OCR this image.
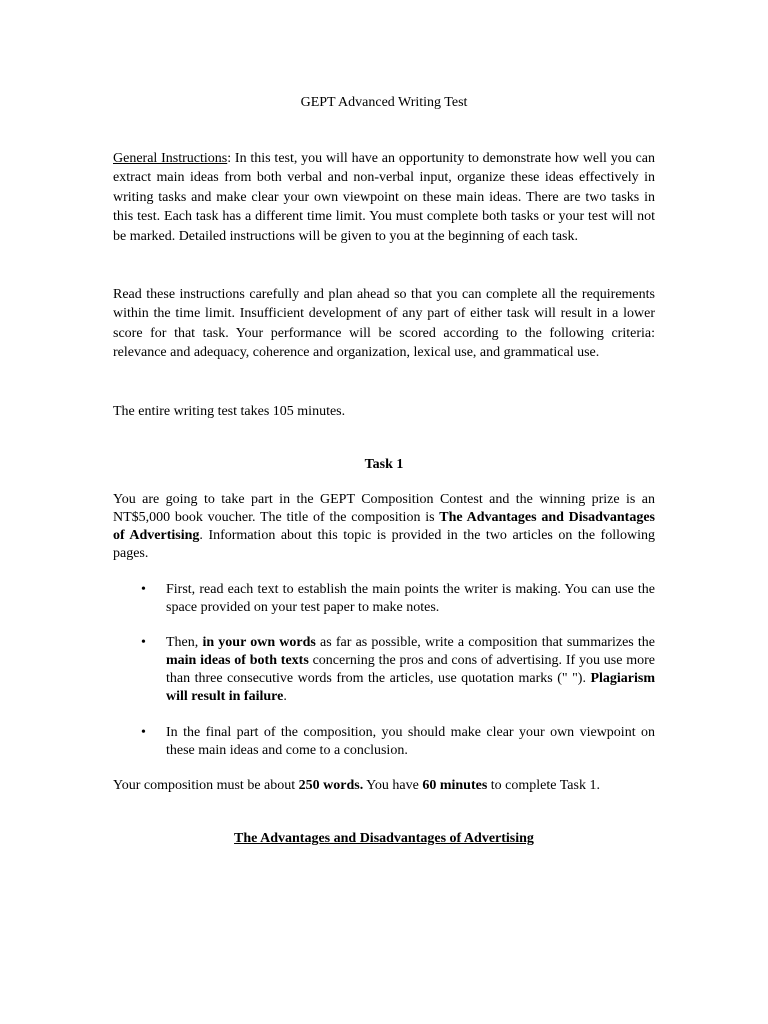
GEPT Advanced Writing Test

General Instructions: In this test, you will have an opportunity to demonstrate how well you can extract main ideas from both verbal and non-verbal input, organize these ideas effectively in writing tasks and make clear your own viewpoint on these main ideas. There are two tasks in this test. Each task has a different time limit. You must complete both tasks or your test will not be marked. Detailed instructions will be given to you at the beginning of each task.

Read these instructions carefully and plan ahead so that you can complete all the requirements within the time limit. Insufficient development of any part of either task will result in a lower score for that task. Your performance will be scored according to the following criteria: relevance and adequacy, coherence and organization, lexical use, and grammatical use.

The entire writing test takes 105 minutes.

Task 1

You are going to take part in the GEPT Composition Contest and the winning prize is an NT$5,000 book voucher. The title of the composition is The Advantages and Disadvantages of Advertising. Information about this topic is provided in the two articles on the following pages.

• First, read each text to establish the main points the writer is making. You can use the space provided on your test paper to make notes.
• Then, in your own words as far as possible, write a composition that summarizes the main ideas of both texts concerning the pros and cons of advertising. If you use more than three consecutive words from the articles, use quotation marks (" "). Plagiarism will result in failure.
• In the final part of the composition, you should make clear your own viewpoint on these main ideas and come to a conclusion.

Your composition must be about 250 words. You have 60 minutes to complete Task 1.

The Advantages and Disadvantages of Advertising
